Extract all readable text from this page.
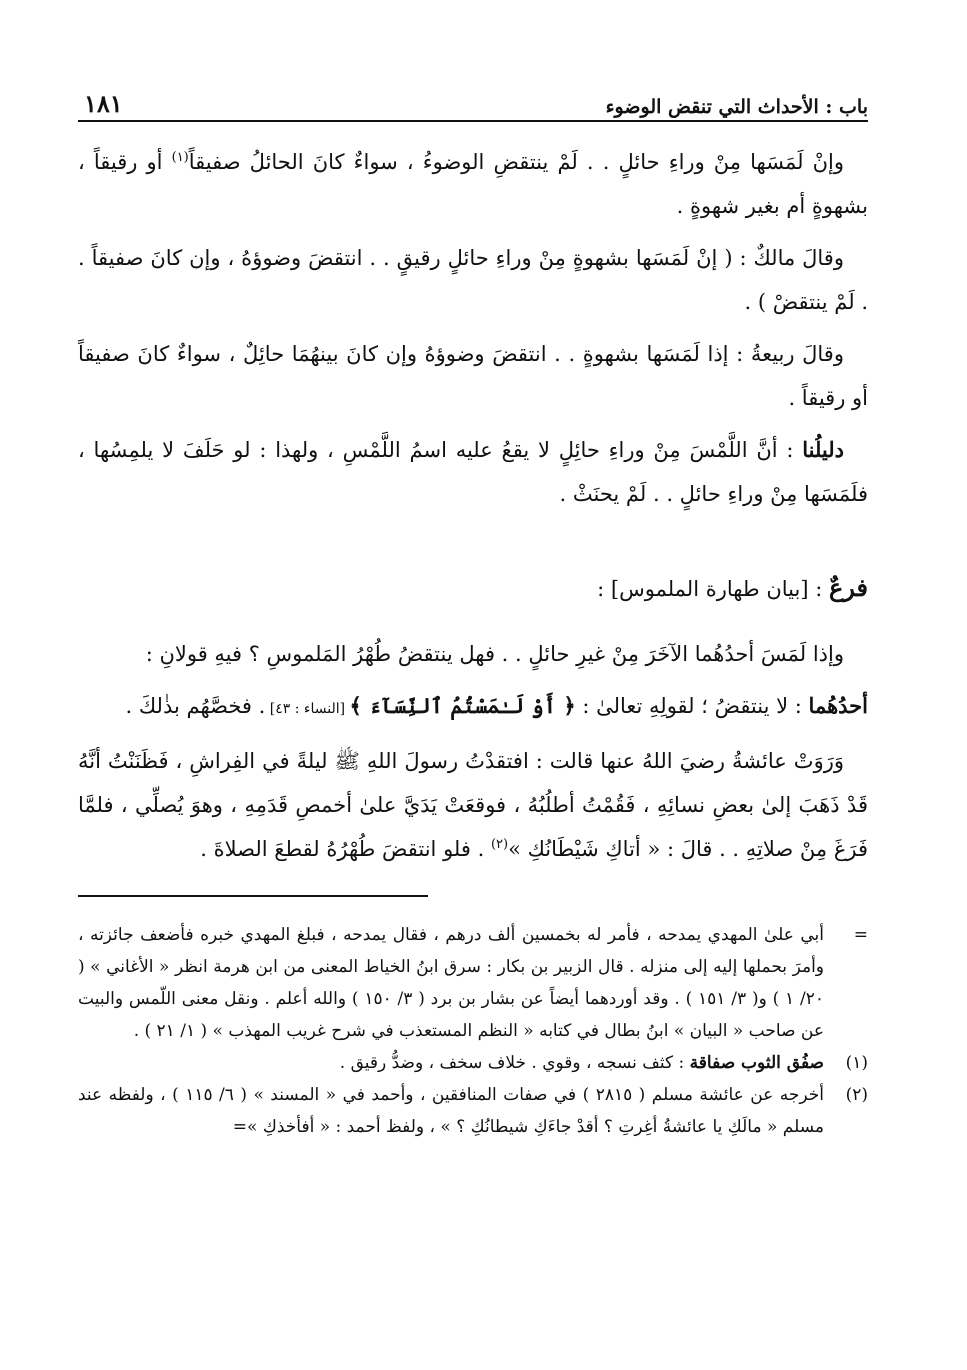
باب : الأحداث التي تنقض الوضوء
١٨١

وإنْ لَمَسَها مِنْ وراءِ حائلٍ . . لَمْ ينتقضِ الوضوءُ ، سواءٌ كانَ الحائلُ صفيقاً$^{(١)}$ أو رقيقاً ، بشهوةٍ أم بغير شهوةٍ .

وقالَ مالكٌ : ( إنْ لَمَسَها بشهوةٍ مِنْ وراءِ حائلٍ رقيقٍ . . انتقضَ وضوؤهُ ، وإن كانَ صفيقاً . . لَمْ ينتقضْ ) .

وقالَ ربيعةُ : إذا لَمَسَها بشهوةٍ . . انتقضَ وضوؤهُ وإن كانَ بينهُمَا حائِلٌ ، سواءٌ كانَ صفيقاً أو رقيقاً .

دليلُنا : أنَّ اللَّمْسَ مِنْ وراءِ حائِلٍ لا يقعُ عليه اسمُ اللَّمْسِ ، ولهذا : لو حَلَفَ لا يلمِسُها ، فلَمَسَها مِنْ وراءِ حائلٍ . . لَمْ يحنَثْ .

فرعٌ : [بيان طهارة الملموس] :

وإذا لَمَسَ أحدُهُما الآخَرَ مِنْ غيرِ حائلٍ . . فهل ينتقضُ طُهْرُ المَلموسِ ؟ فيهِ قولانِ :

أحدُهُما : لا ينتقضُ ؛ لقولِهِ تعالىٰ : ﴿ أَوْ لَـٰمَسْتُمُ ٱلنِّسَآءَ ﴾ [النساء : ٤٣] . فخصَّهُم بذٰلكَ .

وَرَوَتْ عائشةُ رضيَ اللهُ عنها قالت : افتقدْتُ رسولَ اللهِ ﷺ ليلةً في الفِراشِ ، فَظَنَنْتُ أنَّهُ قَدْ ذَهَبَ إلىٰ بعضِ نسائِهِ ، فَقُمْتُ أطلُبُهُ ، فوقعَتْ يَدَيَّ علىٰ أخمصِ قَدَمِهِ ، وهوَ يُصلِّي ، فلمَّا فَرَغَ مِنْ صلاتِهِ . . قالَ : « أتاكِ شَيْطَانُكِ »$^{(٢)}$ . فلو انتقضَ طُهْرُهُ لقطعَ الصلاةَ .

=
أبي علىٰ المهدي يمدحه ، فأمر له بخمسين ألف درهم ، فقال يمدحه ، فبلغ المهدي خبره فأضعف جائزته ، وأمرَ بحملها إليه إلى منزله . قال الزبير بن بكار : سرق ابنُ الخياط المعنى من ابن هرمة انظر « الأغاني » ( ٢٠/ ١ ) و( ٣/ ١٥١ ) . وقد أوردهما أيضاً عن بشار بن برد ( ٣/ ١٥٠ ) والله أعلم . ونقل معنى اللّمس والبيت عن صاحب « البيان » ابنُ بطال في كتابه « النظم المستعذب في شرح غريب المهذب » ( ١/ ٢١ ) .
(١)
صفُق الثوب صفاقة : كثف نسجه ، وقوي . خلاف سخف ، وضدُّ رقيق .
(٢)
أخرجه عن عائشة مسلم ( ٢٨١٥ ) في صفات المنافقين ، وأحمد في « المسند » ( ٦/ ١١٥ ) ، ولفظه عند مسلم « مالَكِ يا عائشةُ أغِرتِ ؟ أقدْ جاءَكِ شيطانُكِ ؟ » ، ولفظ أحمد : « أفأخذكِ »=
